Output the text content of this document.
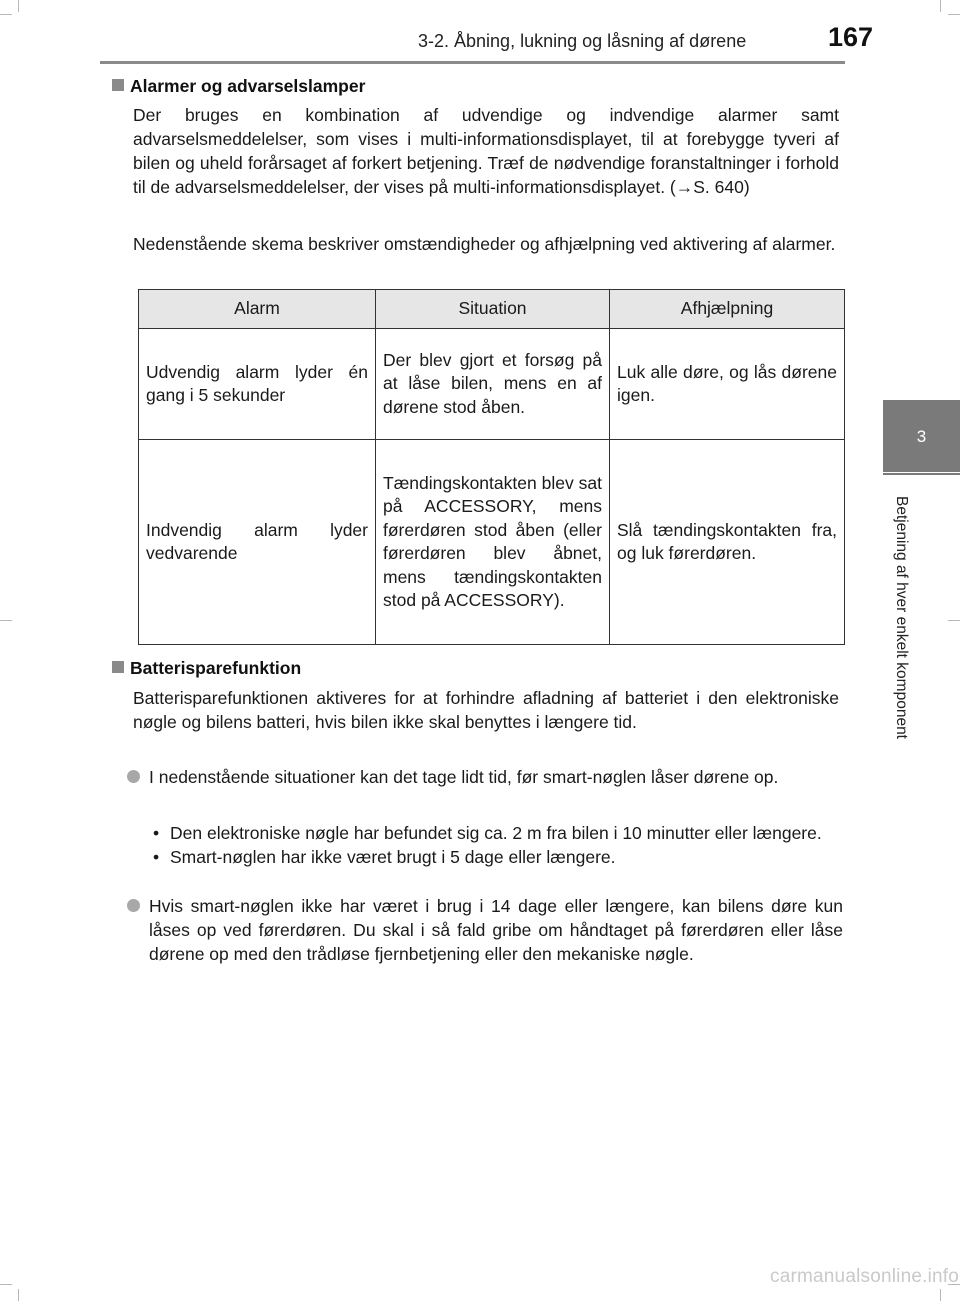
3-2. Åbning, lukning og låsning af dørene	167
3
Betjening af hver enkelt komponent
Alarmer og advarselslamper
Der bruges en kombination af udvendige og indvendige alarmer samt advarselsmeddelelser, som vises i multi-informationsdisplayet, til at forebygge tyveri af bilen og uheld forårsaget af forkert betjening. Træf de nødvendige foranstaltninger i forhold til de advarselsmeddelelser, der vises på multi-informationsdisplayet. (→S. 640)
Nedenstående skema beskriver omstændigheder og afhjælpning ved aktivering af alarmer.
Alarm	Situation	Afhjælpning
Udvendig alarm lyder én gang i 5 sekunder	Der blev gjort et forsøg på at låse bilen, mens en af dørene stod åben.	Luk alle døre, og lås dørene igen.
Indvendig alarm lyder vedvarende	Tændingskontakten blev sat på ACCESSORY, mens førerdøren stod åben (eller førerdøren blev åbnet, mens tændingskontakten stod på ACCESSORY).	Slå tændingskontakten fra, og luk førerdøren.
Batterisparefunktion
Batterisparefunktionen aktiveres for at forhindre afladning af batteriet i den elektroniske nøgle og bilens batteri, hvis bilen ikke skal benyttes i længere tid.
I nedenstående situationer kan det tage lidt tid, før smart-nøglen låser dørene op.
• Den elektroniske nøgle har befundet sig ca. 2 m fra bilen i 10 minutter eller længere.
• Smart-nøglen har ikke været brugt i 5 dage eller længere.
Hvis smart-nøglen ikke har været i brug i 14 dage eller længere, kan bilens døre kun låses op ved førerdøren. Du skal i så fald gribe om håndtaget på førerdøren eller låse dørene op med den trådløse fjernbetjening eller den mekaniske nøgle.
carmanualsonline.info
